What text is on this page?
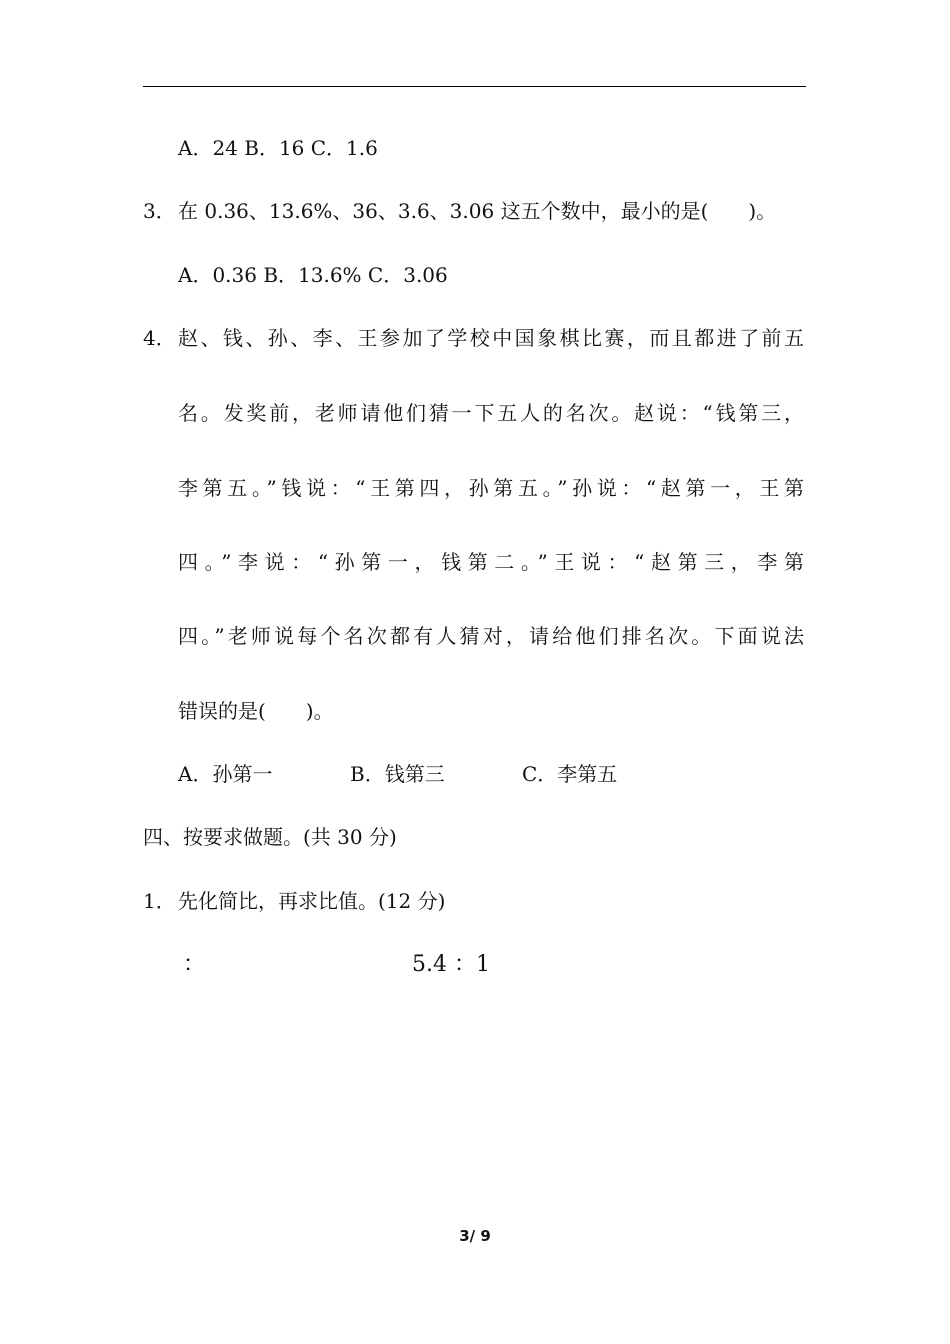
A．24 B．16 C．1.6
3． 在 0.36、13.6%、36、3.6、3.06 这五个数中，最小的是(　　)。
A．0.36 B．13.6% C．3.06
4． 赵、钱、孙、李、王参加了学校中国象棋比赛，而且都进了前五
名。发奖前，老师请他们猜一下五人的名次。赵说：“钱第三，
李第五。”钱说：“王第四，孙第五。”孙说：“赵第一，王第
四。”李说：“孙第一，钱第二。”王说：“赵第三，李第
四。”老师说每个名次都有人猜对，请给他们排名次。下面说法
错误的是(　　)。
A．孙第一	B．钱第三	C．李第五
四、按要求做题。(共 30 分)
1． 先化简比，再求比值。(12 分)
：	5.4 ：1
3/ 9
